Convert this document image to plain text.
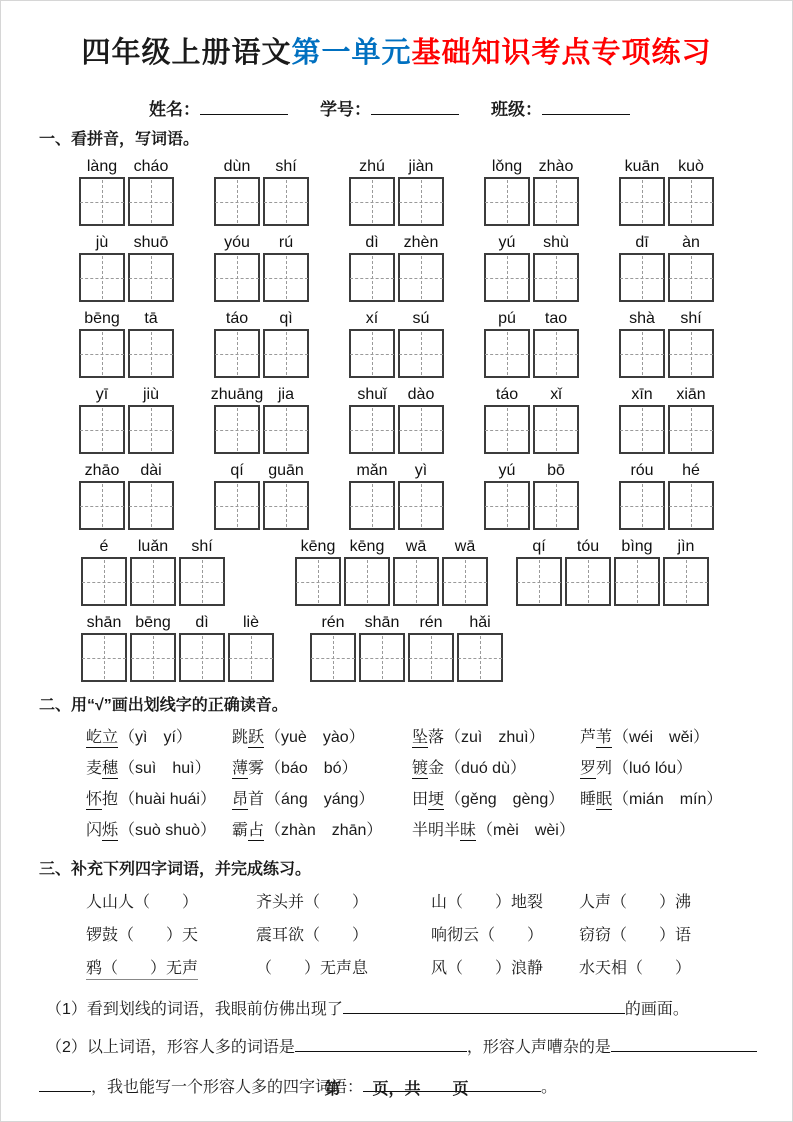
四年级上册语文第一单元基础知识考点专项练习
姓名：	学号：	班级：
一、看拼音，写词语。
làng cháo	dùn shí	zhú jiàn	lǒng zhào	kuān kuò
jù shuō	yóu rú	dì zhèn	yú shù	dī àn
bēng tā	táo qì	xí sú	pú tao	shà shí
yī jiù	zhuāng jia	shuǐ dào	táo xǐ	xīn xiān
zhāo dài	qí guān	mǎn yì	yú bō	róu hé
é luǎn shí	kēng kēng wā wā	qí tóu bìng jìn
shān bēng dì liè	rén shān rén hǎi
二、用“√”画出划线字的正确读音。
屹立（yì　yí）	跳跃（yuè　yào）	坠落（zuì　zhuì）	芦苇（wéi　wěi）
麦穗（suì　huì）	薄雾（báo　bó）	镀金（duó dù）	罗列（luó lóu）
怀抱（huài huái）	昂首（áng　yáng）	田埂（gěng　gèng） 睡眠（mián　mín）
闪烁（suò shuò）	霸占（zhàn　zhān）	半明半昧（mèi　wèi）
三、补充下列四字词语，并完成练习。
人山人（　　）	齐头并（　　）	山（　　）地裂	人声（　　）沸
锣鼓（　　）天	震耳欲（　　）	响彻云（　　）	窃窃（　　）语
鸦（　　）无声	（　　）无声息	风（　　）浪静	水天相（　　）
（1）看到划线的词语，我眼前仿佛出现了	的画面。
（2）以上词语，形容人多的词语是	，形容人声嘈杂的是
，我也能写一个形容人多的四字词语：	。
第　　页，共　　页
